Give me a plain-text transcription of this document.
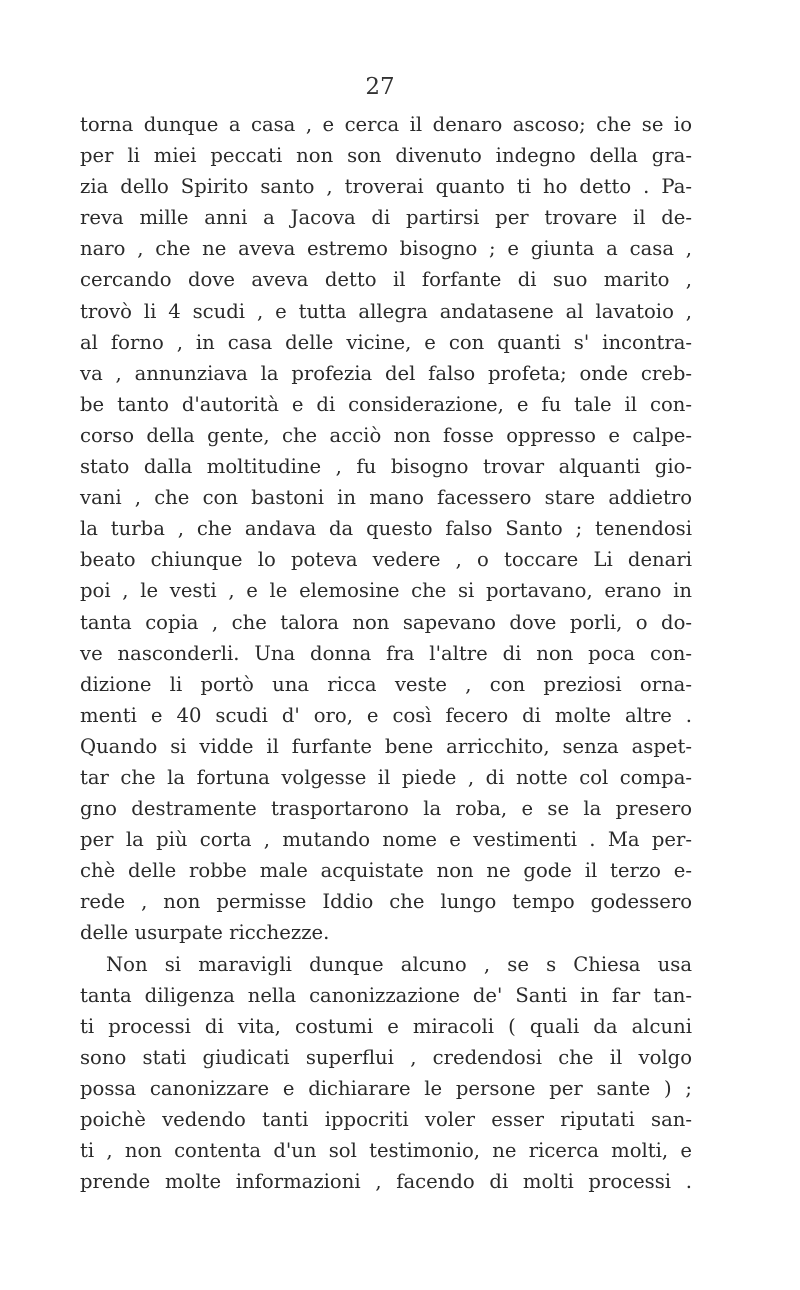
27
torna dunque a casa , e cerca il denaro ascoso; che se io
per li miei peccati non son divenuto indegno della gra-
zia dello Spirito santo , troverai quanto ti ho detto . Pa-
reva mille anni a Jacova di partirsi per trovare il de-
naro , che ne aveva estremo bisogno ; e giunta a casa ,
cercando dove aveva detto il forfante di suo marito ,
trovò li 4 scudi , e tutta allegra andatasene al lavatoio ,
al forno , in casa delle vicine, e con quanti s' incontra-
va , annunziava la profezia del falso profeta; onde creb-
be tanto d'autorità e di considerazione, e fu tale il con-
corso della gente, che acciò non fosse oppresso e calpe-
stato dalla moltitudine , fu bisogno trovar alquanti gio-
vani , che con bastoni in mano facessero stare addietro
la turba , che andava da questo falso Santo ; tenendosi
beato chiunque lo poteva vedere , o toccare Li denari
poi , le vesti , e le elemosine che si portavano, erano in
tanta copia , che talora non sapevano dove porli, o do-
ve nasconderli. Una donna fra l'altre di non poca con-
dizione li portò una ricca veste , con preziosi orna-
menti e 40 scudi d' oro, e così fecero di molte altre .
Quando si vidde il furfante bene arricchito, senza aspet-
tar che la fortuna volgesse il piede , di notte col compa-
gno destramente trasportarono la roba, e se la presero
per la più corta , mutando nome e vestimenti . Ma per-
chè delle robbe male acquistate non ne gode il terzo e-
rede , non permisse Iddio che lungo tempo godessero
delle usurpate ricchezze.
Non si maravigli dunque alcuno , se s Chiesa usa
tanta diligenza nella canonizzazione de' Santi in far tan-
ti processi di vita, costumi e miracoli ( quali da alcuni
sono stati giudicati superflui , credendosi che il volgo
possa canonizzare e dichiarare le persone per sante ) ;
poichè vedendo tanti ippocriti voler esser riputati san-
ti , non contenta d'un sol testimonio, ne ricerca molti, e
prende molte informazioni , facendo di molti processi .
